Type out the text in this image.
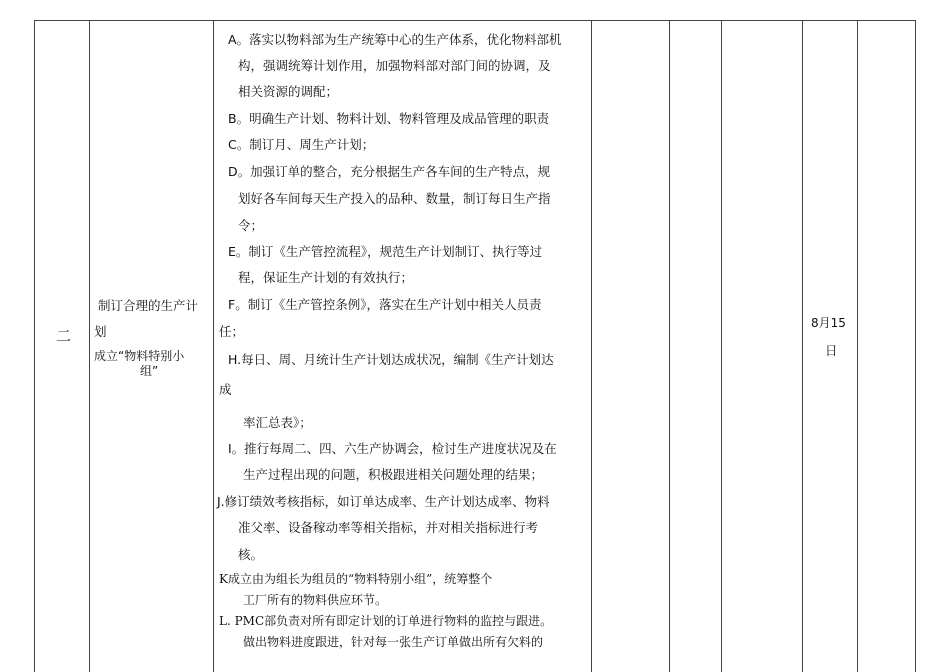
二
制订合理的生产计
划
成立“物料特别小
组”
A。落实以物料部为生产统筹中心的生产体系，优化物料部机
构，强调统筹计划作用，加强物料部对部门间的协调，及
相关资源的调配；
B。明确生产计划、物料计划、物料管理及成品管理的职责
C。制订月、周生产计划；
D。加强订单的整合，充分根据生产各车间的生产特点，规
划好各车间每天生产投入的品种、数量，制订每日生产指
令；
E。制订《生产管控流程》，规范生产计划制订、执行等过
程，保证生产计划的有效执行；
F。制订《生产管控条例》，落实在生产计划中相关人员责
任；
H.每日、周、月统计生产计划达成状况，编制《生产计划达
成
率汇总表》；
I。推行每周二、四、六生产协调会，检讨生产进度状况及在
生产过程出现的问题，积极跟进相关问题处理的结果；
J.修订绩效考核指标，如订单达成率、生产计划达成率、物料
准父率、设备稼动率等相关指标，并对相关指标进行考
核。
K成立由为组长为组员的“物料特别小组”，统筹整个
工厂所有的物料供应环节。
L. PMC部负责对所有即定计划的订单进行物料的监控与跟进。
做出物料进度跟进，针对每一张生产订单做出所有欠料的
8月15
日
